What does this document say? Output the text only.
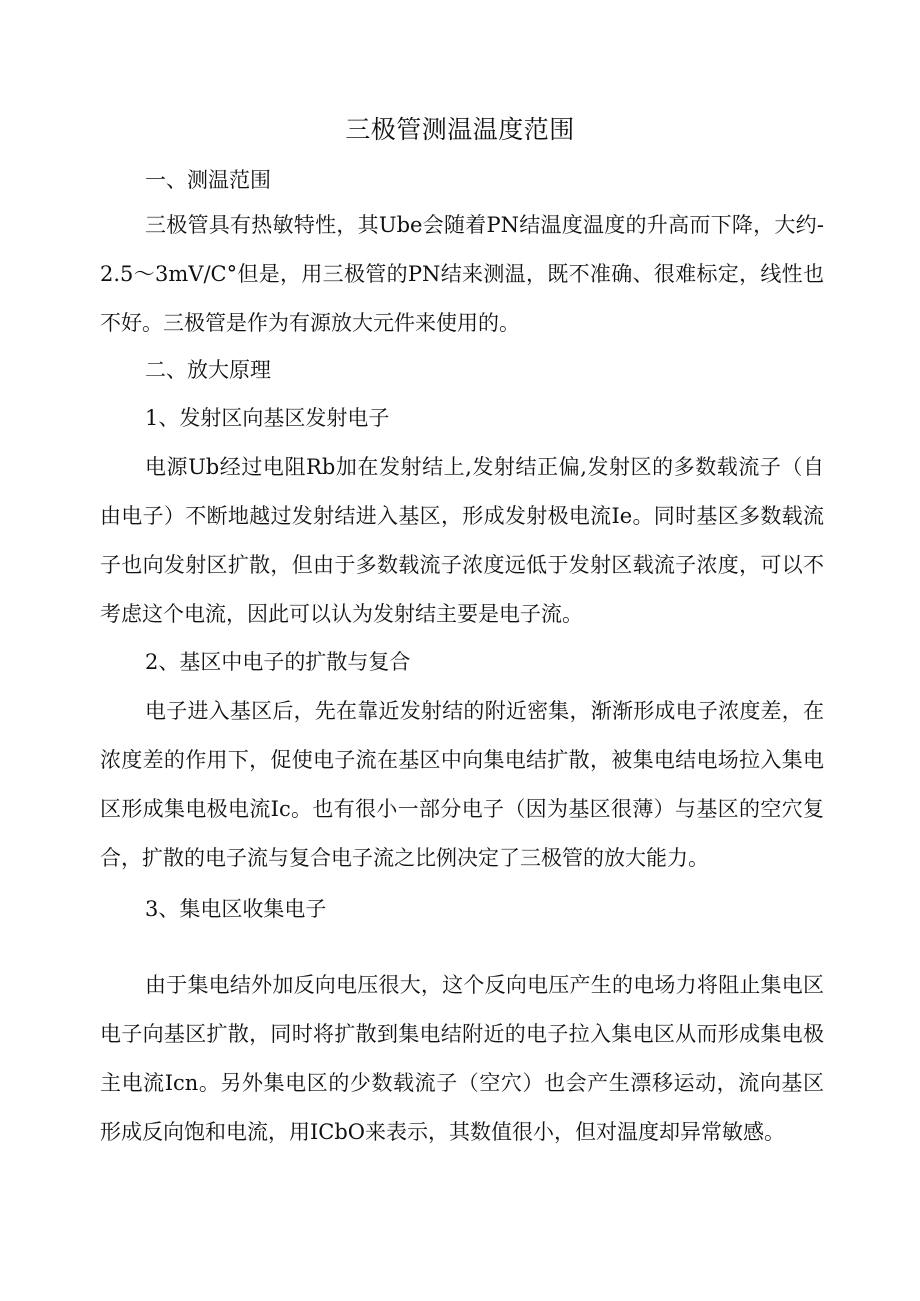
三极管测温温度范围
一、测温范围

三极管具有热敏特性，其Ube会随着PN结温度温度的升高而下降，大约-2.5～3mV/C°但是，用三极管的PN结来测温，既不准确、很难标定，线性也不好。三极管是作为有源放大元件来使用的。

二、放大原理
1、发射区向基区发射电子

电源Ub经过电阻Rb加在发射结上,发射结正偏,发射区的多数载流子（自由电子）不断地越过发射结进入基区，形成发射极电流Ie。同时基区多数载流子也向发射区扩散，但由于多数载流子浓度远低于发射区载流子浓度，可以不考虑这个电流，因此可以认为发射结主要是电子流。

2、基区中电子的扩散与复合

电子进入基区后，先在靠近发射结的附近密集，渐渐形成电子浓度差，在浓度差的作用下，促使电子流在基区中向集电结扩散，被集电结电场拉入集电区形成集电极电流Ic。也有很小一部分电子（因为基区很薄）与基区的空穴复合，扩散的电子流与复合电子流之比例决定了三极管的放大能力。

3、集电区收集电子

由于集电结外加反向电压很大，这个反向电压产生的电场力将阻止集电区电子向基区扩散，同时将扩散到集电结附近的电子拉入集电区从而形成集电极主电流Icn。另外集电区的少数载流子（空穴）也会产生漂移运动，流向基区形成反向饱和电流，用ICbO来表示，其数值很小，但对温度却异常敏感。
